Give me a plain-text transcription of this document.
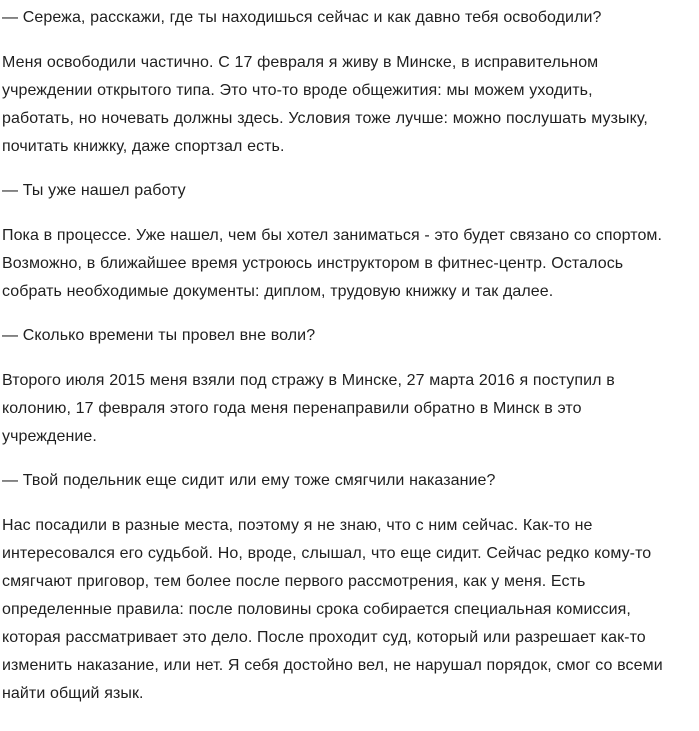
— Сережа, расскажи, где ты находишься сейчас и как давно тебя освободили?

Меня освободили частично. С 17 февраля я живу в Минске, в исправительном учреждении открытого типа. Это что-то вроде общежития: мы можем уходить, работать, но ночевать должны здесь. Условия тоже лучше: можно послушать музыку, почитать книжку, даже спортзал есть.

— Ты уже нашел работу

Пока в процессе. Уже нашел, чем бы хотел заниматься - это будет связано со спортом. Возможно, в ближайшее время устроюсь инструктором в фитнес-центр. Осталось собрать необходимые документы: диплом, трудовую книжку и так далее.

— Сколько времени ты провел вне воли?

Второго июля 2015 меня взяли под стражу в Минске, 27 марта 2016 я поступил в колонию, 17 февраля этого года меня перенаправили обратно в Минск в это учреждение.

— Твой подельник еще сидит или ему тоже смягчили наказание?

Нас посадили в разные места, поэтому я не знаю, что с ним сейчас. Как-то не интересовался его судьбой. Но, вроде, слышал, что еще сидит. Сейчас редко кому-то смягчают приговор, тем более после первого рассмотрения, как у меня. Есть определенные правила: после половины срока собирается специальная комиссия, которая рассматривает это дело. После проходит суд, который или разрешает как-то изменить наказание, или нет. Я себя достойно вел, не нарушал порядок, смог со всеми найти общий язык.
